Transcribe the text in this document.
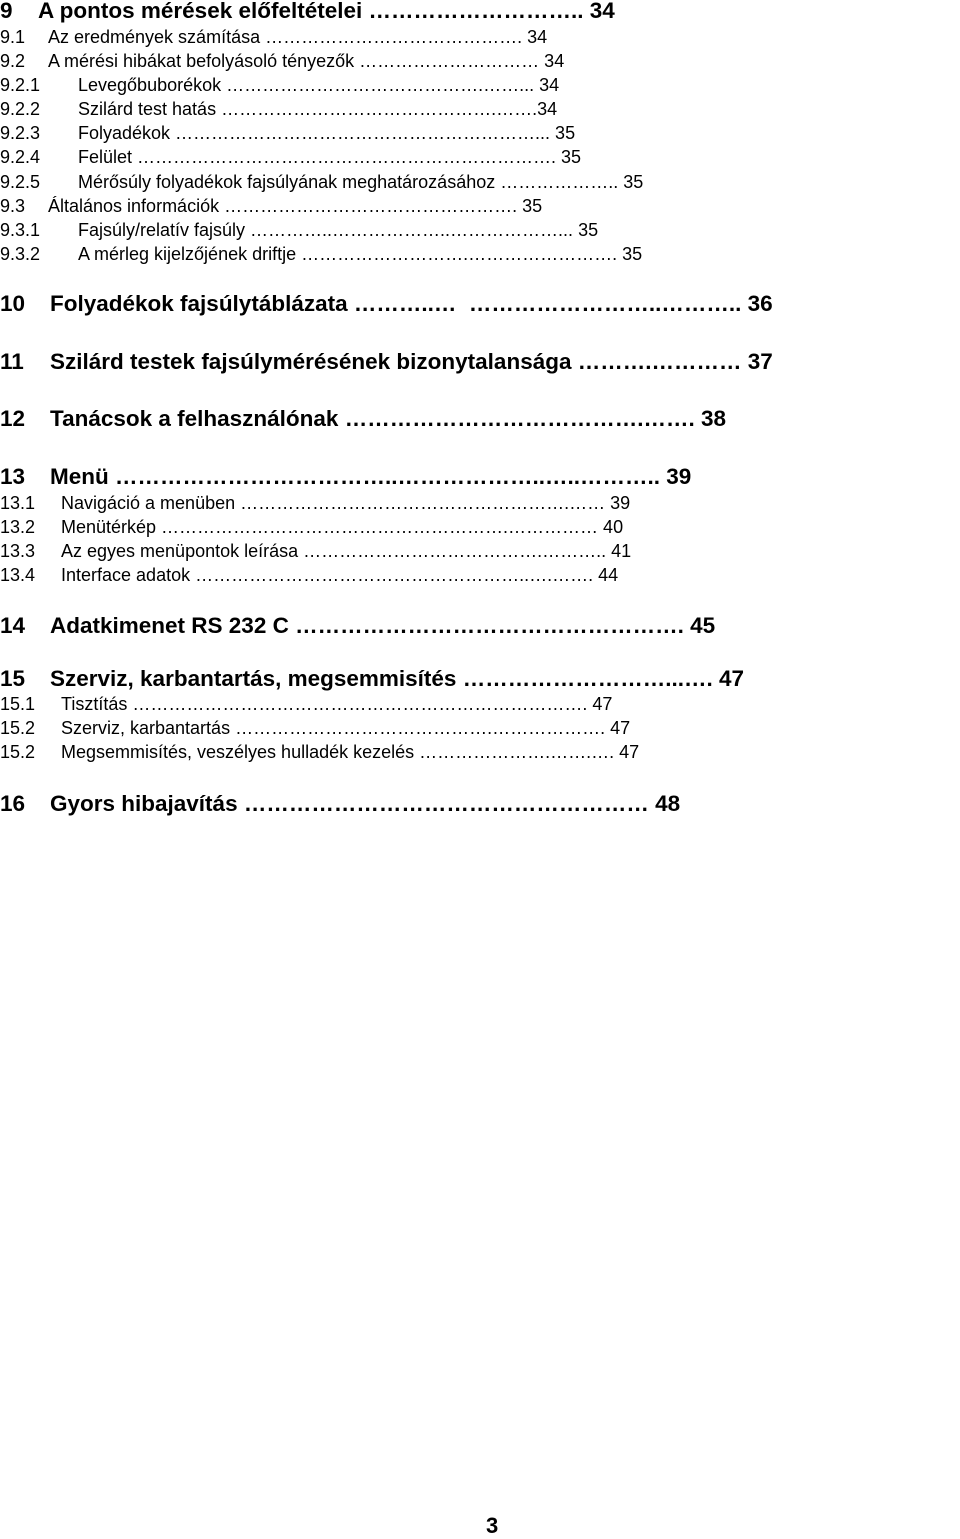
9 A pontos mérések előfeltételei ……………………….. 34
9.1 Az eredmények számítása ……………………………………. 34
9.2 A mérési hibákat befolyásoló tényezők ………………………… 34
9.2.1 Levegőbuborékok …………………………………….……... 34
9.2.2 Szilárd test hatás ……………………………………….…….34
9.2.3 Folyadékok ……………………………………………………... 35
9.2.4 Felület ……………………………………………………………. 35
9.2.5 Mérősúly folyadékok fajsúlyának meghatározásához ……………….. 35
9.3 Általános információk …………………………………………. 35
9.3.1 Fajsúly/relatív fajsúly …………..………………..………………... 35
9.3.2 A mérleg kijelzőjének driftje ……………………….……………………. 35
10 Folyadékok fajsúlytáblázata ………..…  ……………………..……….. 36
11 Szilárd testek fajsúlymérésének bizonytalansága ……….………… 37
12 Tanácsok a felhasználónak ………………………………….……. 38
13 Menü ………………………………..………………..…..……….. 39
13.1 Navigáció a menüben ……………………………………………….…… 39
13.2 Menütérkép ………………………………………………….…………… 40
13.3 Az egyes menüpontok leírása ………………………………….……….. 41
13.4 Interface adatok ………………………………………………..….……. 44
14 Adatkimenet RS 232 C ……………………………………………. 45
15 Szerviz, karbantartás, megsemmisítés ………………………...…. 47
15.1 Tisztítás …………………………………………………………………. 47
15.2 Szerviz, karbantartás …………………………………….………………. 47
15.2 Megsemmisítés, veszélyes hulladék kezelés ………………….…….…. 47
16 Gyors hibajavítás ……………………………………………… 48
3
